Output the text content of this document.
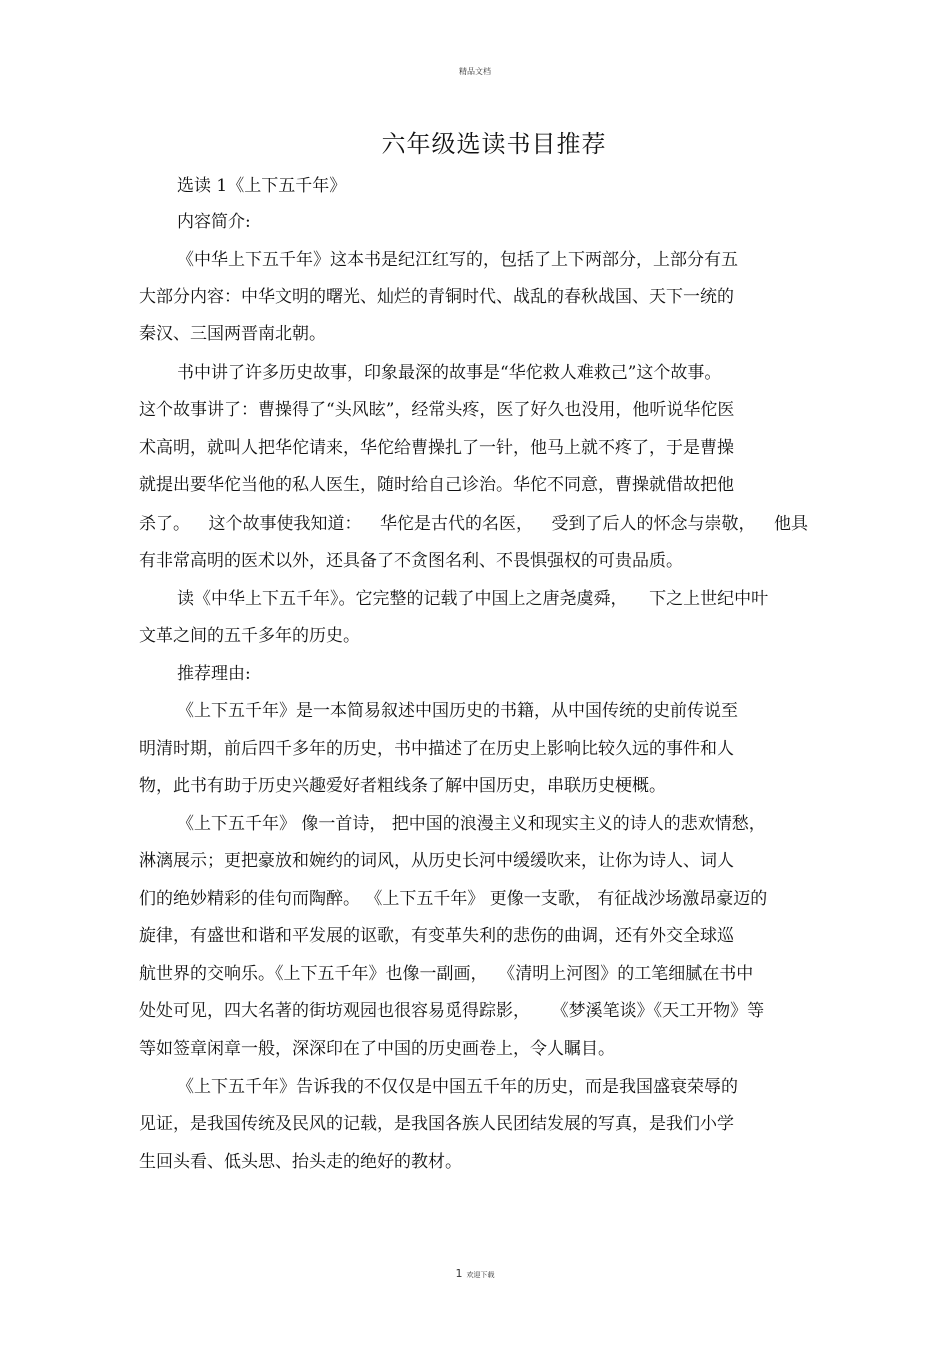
精品文档
六年级选读书目推荐
选读 1《上下五千年》
内容简介:
《中华上下五千年》这本书是纪江红写的，包括了上下两部分，上部分有五
大部分内容：中华文明的曙光、灿烂的青铜时代、战乱的春秋战国、天下一统的
秦汉、三国两晋南北朝。
书中讲了许多历史故事，印象最深的故事是“华佗救人难救己”这个故事。
这个故事讲了：曹操得了“头风眩”，经常头疼，医了好久也没用，他听说华佗医
术高明，就叫人把华佗请来，华佗给曹操扎了一针，他马上就不疼了，于是曹操
就提出要华佗当他的私人医生，随时给自己诊治。华佗不同意，曹操就借故把他
杀了。 这个故事使我知道： 华佗是古代的名医， 受到了后人的怀念与崇敬， 他具
有非常高明的医术以外，还具备了不贪图名利、不畏惧强权的可贵品质。
读《中华上下五千年》。它完整的记载了中国上之唐尧虞舜，    下之上世纪中叶
文革之间的五千多年的历史。
推荐理由:
《上下五千年》是一本简易叙述中国历史的书籍，从中国传统的史前传说至
明清时期，前后四千多年的历史，书中描述了在历史上影响比较久远的事件和人
物，此书有助于历史兴趣爱好者粗线条了解中国历史，串联历史梗概。
《上下五千年》 像一首诗， 把中国的浪漫主义和现实主义的诗人的悲欢情愁，
淋漓展示；更把豪放和婉约的词风，从历史长河中缓缓吹来，让你为诗人、词人
们的绝妙精彩的佳句而陶醉。 《上下五千年》 更像一支歌， 有征战沙场激昂豪迈的
旋律，有盛世和谐和平发展的讴歌，有变革失利的悲伤的曲调，还有外交全球巡
航世界的交响乐。《上下五千年》也像一副画，  《清明上河图》的工笔细腻在书中
处处可见，四大名著的街坊观园也很容易觅得踪影，    《梦溪笔谈》《天工开物》等
等如签章闲章一般，深深印在了中国的历史画卷上，令人瞩目。
《上下五千年》告诉我的不仅仅是中国五千年的历史，而是我国盛衰荣辱的
见证，是我国传统及民风的记载，是我国各族人民团结发展的写真，是我们小学
生回头看、低头思、抬头走的绝好的教材。
1 欢迎下载
